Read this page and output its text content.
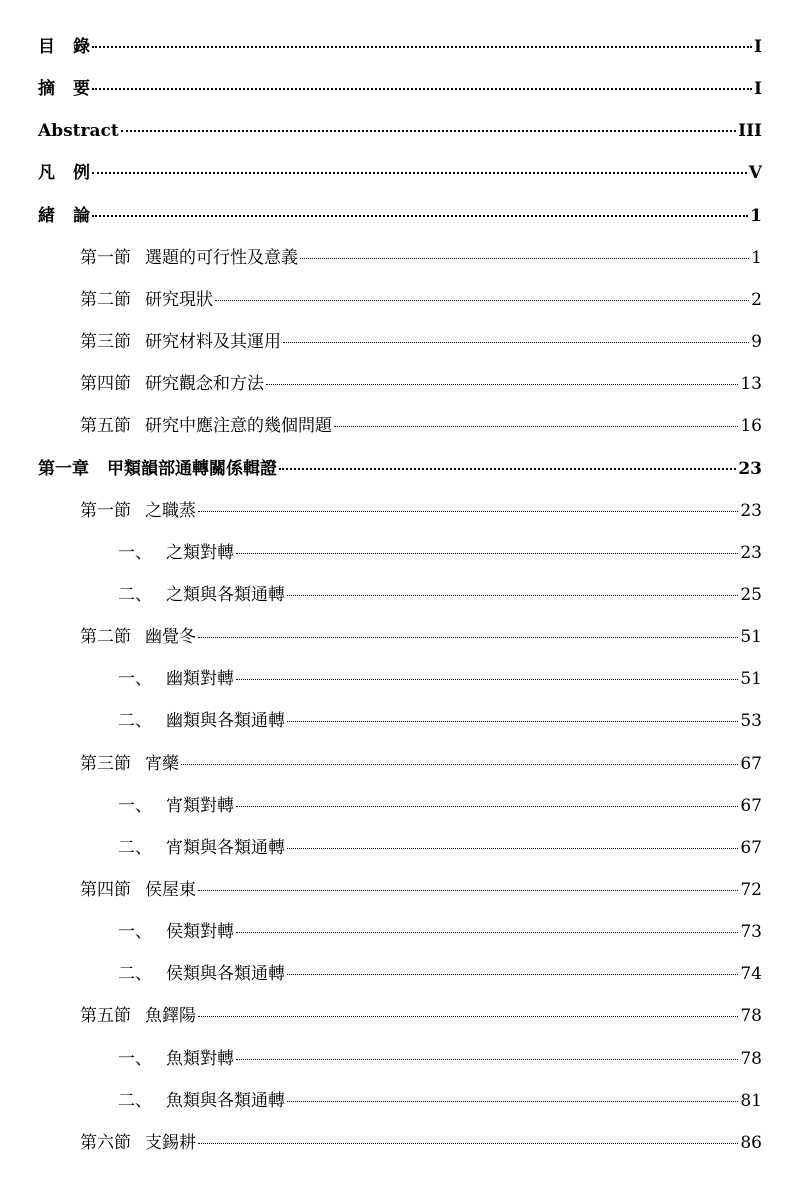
目 錄	I
摘 要	I
Abstract	III
凡 例	V
緒 論	1
第一節 選題的可行性及意義	1
第二節 研究現狀	2
第三節 研究材料及其運用	9
第四節 研究觀念和方法	13
第五節 研究中應注意的幾個問題	16
第一章 甲類韻部通轉關係輯證	23
第一節 之職蒸	23
一、 之類對轉	23
二、 之類與各類通轉	25
第二節 幽覺冬	51
一、 幽類對轉	51
二、 幽類與各類通轉	53
第三節 宵藥	67
一、 宵類對轉	67
二、 宵類與各類通轉	67
第四節 侯屋東	72
一、 侯類對轉	73
二、 侯類與各類通轉	74
第五節 魚鐸陽	78
一、 魚類對轉	78
二、 魚類與各類通轉	81
第六節 支錫耕	86
